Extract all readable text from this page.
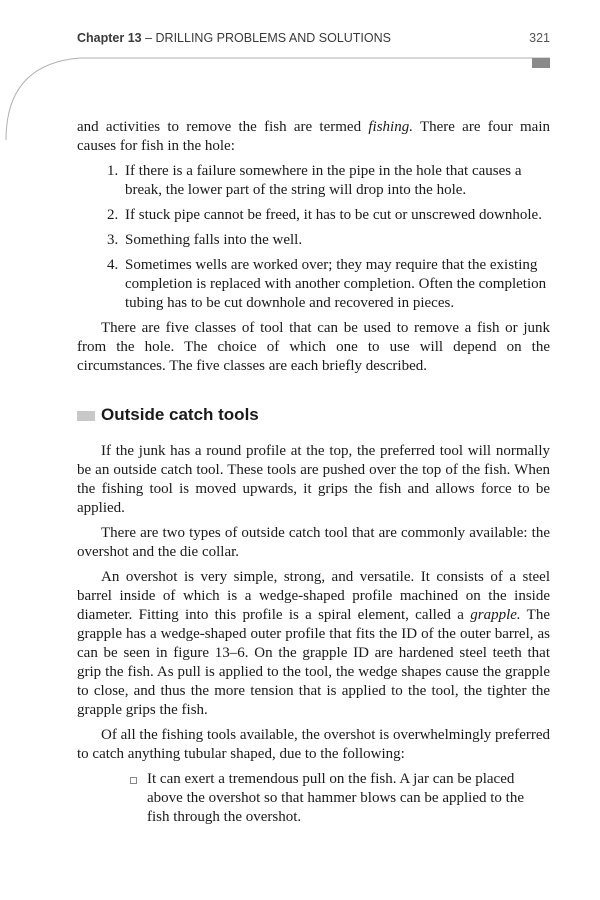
Chapter 13 – DRILLING PROBLEMS AND SOLUTIONS	321

and activities to remove the fish are termed fishing. There are four main causes for fish in the hole:

1. If there is a failure somewhere in the pipe in the hole that causes a break, the lower part of the string will drop into the hole.
2. If stuck pipe cannot be freed, it has to be cut or unscrewed downhole.
3. Something falls into the well.
4. Sometimes wells are worked over; they may require that the existing completion is replaced with another completion. Often the completion tubing has to be cut downhole and recovered in pieces.

There are five classes of tool that can be used to remove a fish or junk from the hole. The choice of which one to use will depend on the circumstances. The five classes are each briefly described.

Outside catch tools

If the junk has a round profile at the top, the preferred tool will normally be an outside catch tool. These tools are pushed over the top of the fish. When the fishing tool is moved upwards, it grips the fish and allows force to be applied.

There are two types of outside catch tool that are commonly available: the overshot and the die collar.

An overshot is very simple, strong, and versatile. It consists of a steel barrel inside of which is a wedge-shaped profile machined on the inside diameter. Fitting into this profile is a spiral element, called a grapple. The grapple has a wedge-shaped outer profile that fits the ID of the outer barrel, as can be seen in figure 13–6. On the grapple ID are hardened steel teeth that grip the fish. As pull is applied to the tool, the wedge shapes cause the grapple to close, and thus the more tension that is applied to the tool, the tighter the grapple grips the fish.

Of all the fishing tools available, the overshot is overwhelmingly preferred to catch anything tubular shaped, due to the following:

It can exert a tremendous pull on the fish. A jar can be placed above the overshot so that hammer blows can be applied to the fish through the overshot.
